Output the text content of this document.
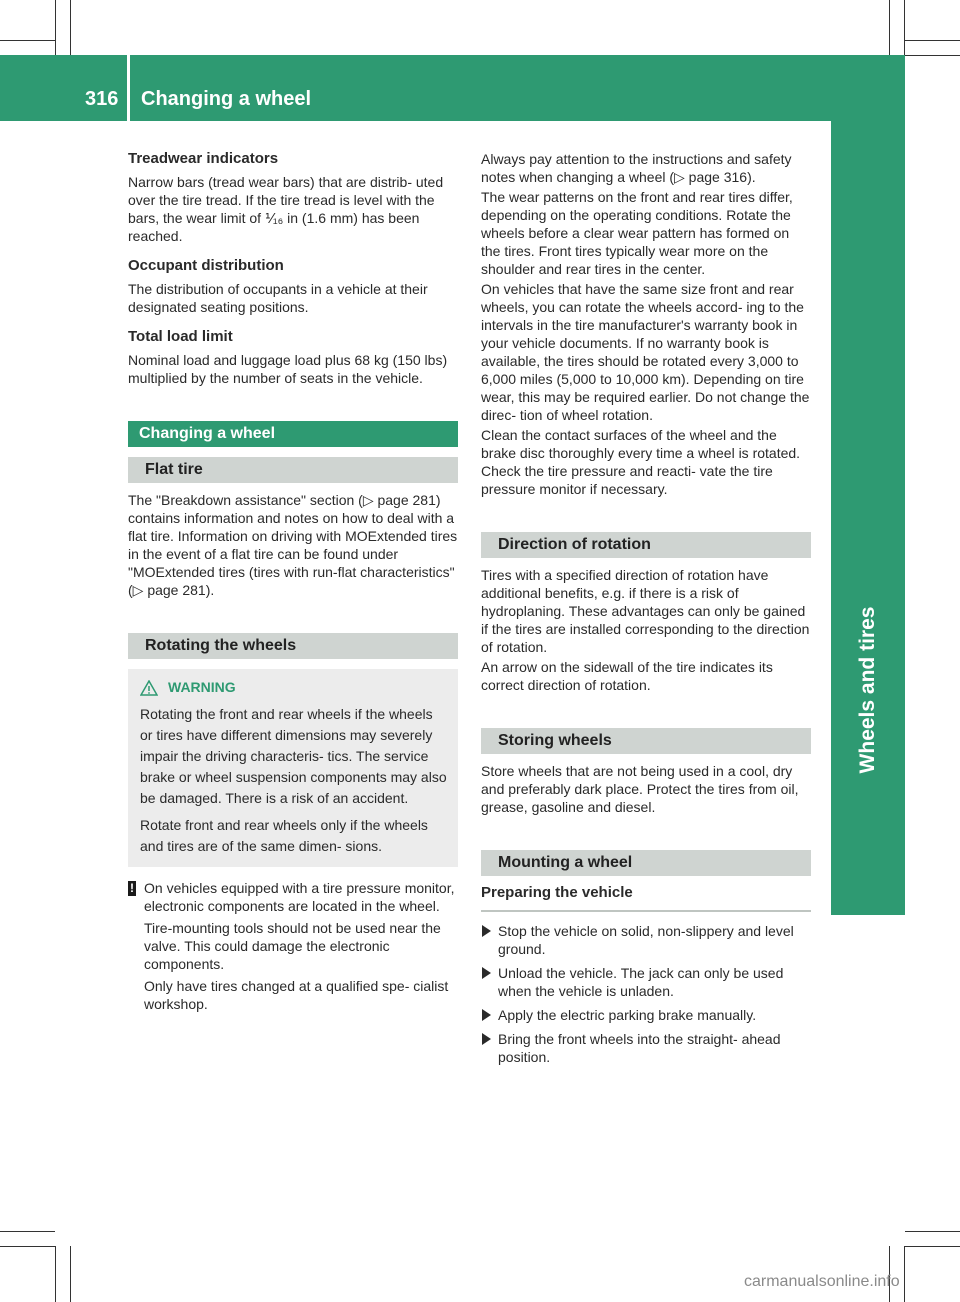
316 Changing a wheel
Wheels and tires
Treadwear indicators
Narrow bars (tread wear bars) that are distrib- uted over the tire tread. If the tire tread is level with the bars, the wear limit of ⅟₁₆ in (1.6 mm) has been reached.
Occupant distribution
The distribution of occupants in a vehicle at their designated seating positions.
Total load limit
Nominal load and luggage load plus 68 kg (150 lbs) multiplied by the number of seats in the vehicle.
Changing a wheel
Flat tire
The "Breakdown assistance" section (▷ page 281) contains information and notes on how to deal with a flat tire. Information on driving with MOExtended tires in the event of a flat tire can be found under "MOExtended tires (tires with run-flat characteristics" (▷ page 281).
Rotating the wheels
WARNING
Rotating the front and rear wheels if the wheels or tires have different dimensions may severely impair the driving characteris- tics. The service brake or wheel suspension components may also be damaged. There is a risk of an accident.
Rotate front and rear wheels only if the wheels and tires are of the same dimen- sions.
! On vehicles equipped with a tire pressure monitor, electronic components are located in the wheel.
Tire-mounting tools should not be used near the valve. This could damage the electronic components.
Only have tires changed at a qualified spe- cialist workshop.
Always pay attention to the instructions and safety notes when changing a wheel (▷ page 316).
The wear patterns on the front and rear tires differ, depending on the operating conditions. Rotate the wheels before a clear wear pattern has formed on the tires. Front tires typically wear more on the shoulder and rear tires in the center.
On vehicles that have the same size front and rear wheels, you can rotate the wheels accord- ing to the intervals in the tire manufacturer's warranty book in your vehicle documents. If no warranty book is available, the tires should be rotated every 3,000 to 6,000 miles (5,000 to 10,000 km). Depending on tire wear, this may be required earlier. Do not change the direc- tion of wheel rotation.
Clean the contact surfaces of the wheel and the brake disc thoroughly every time a wheel is rotated. Check the tire pressure and reacti- vate the tire pressure monitor if necessary.
Direction of rotation
Tires with a specified direction of rotation have additional benefits, e.g. if there is a risk of hydroplaning. These advantages can only be gained if the tires are installed corresponding to the direction of rotation.
An arrow on the sidewall of the tire indicates its correct direction of rotation.
Storing wheels
Store wheels that are not being used in a cool, dry and preferably dark place. Protect the tires from oil, grease, gasoline and diesel.
Mounting a wheel
Preparing the vehicle
Stop the vehicle on solid, non-slippery and level ground.
Unload the vehicle. The jack can only be used when the vehicle is unladen.
Apply the electric parking brake manually.
Bring the front wheels into the straight- ahead position.
carmanualsonline.info
